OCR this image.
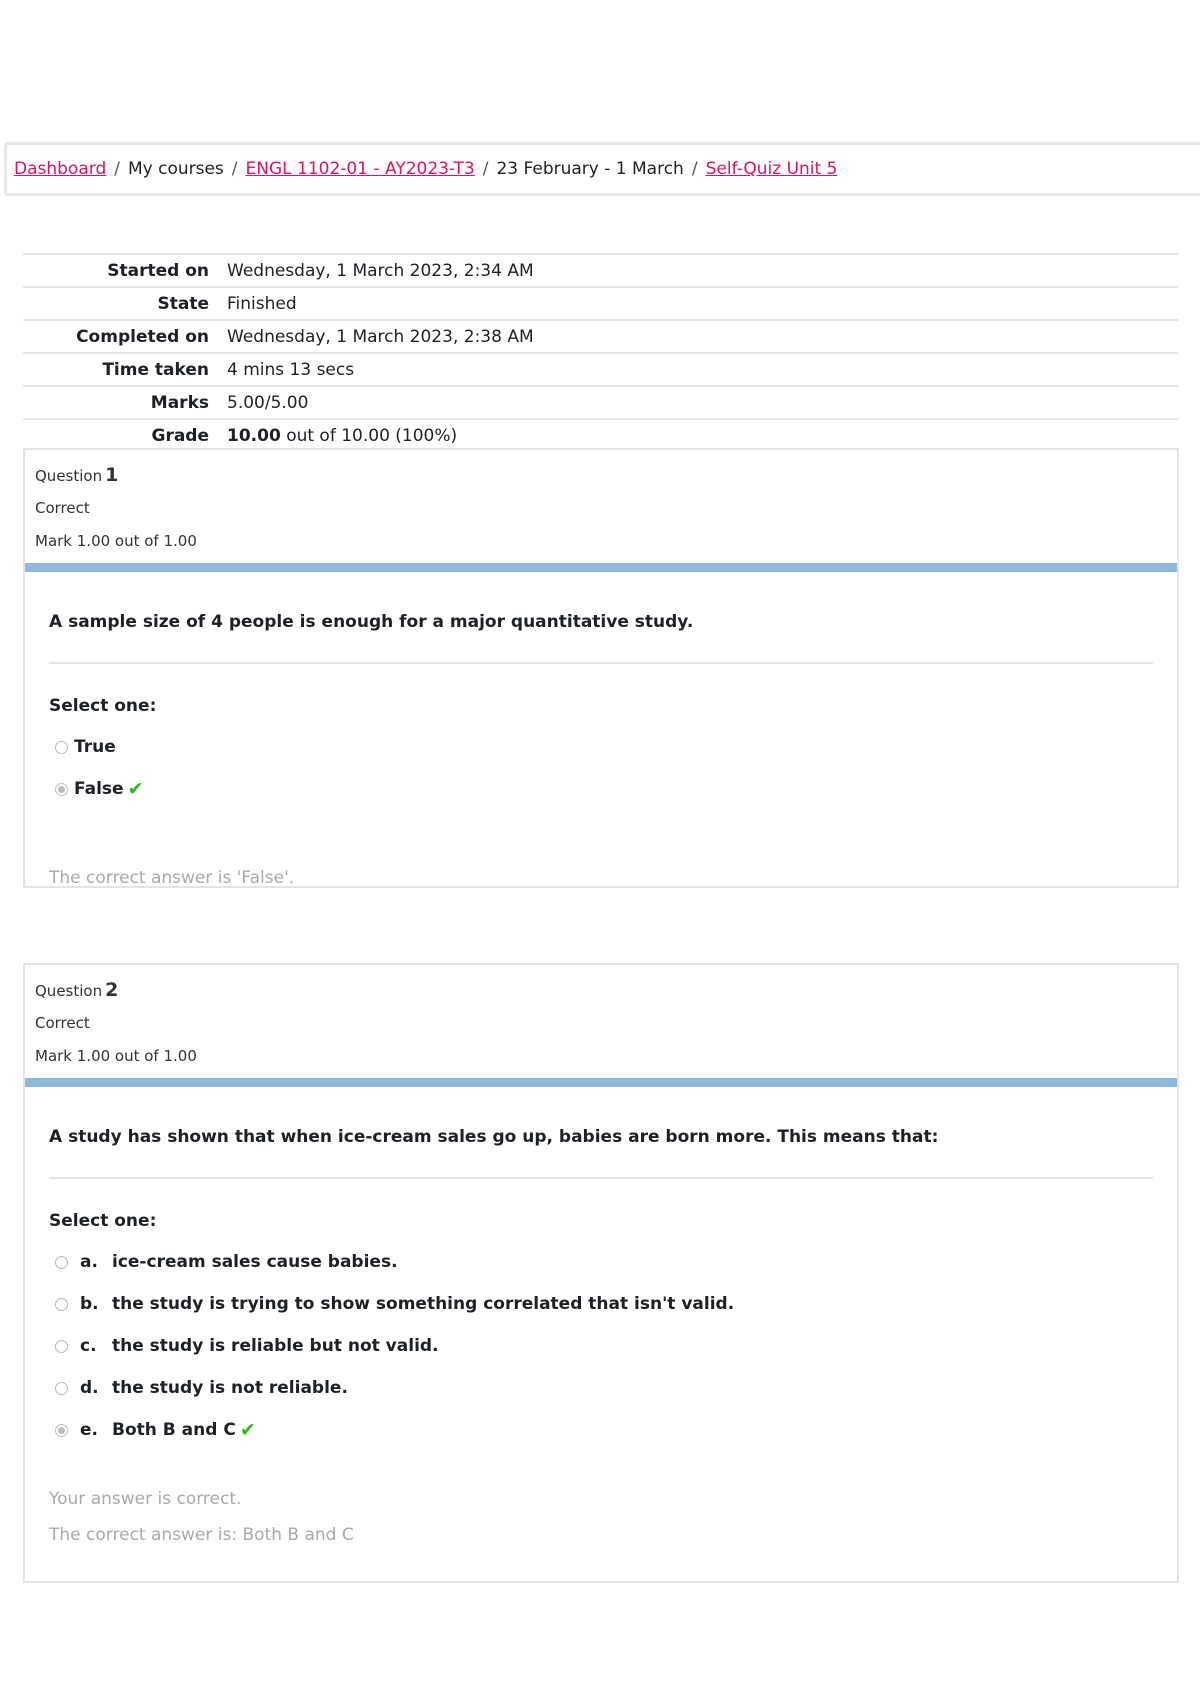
Dashboard / My courses / ENGL 1102-01 - AY2023-T3 / 23 February - 1 March / Self-Quiz Unit 5
Started on	Wednesday, 1 March 2023, 2:34 AM
State	Finished
Completed on	Wednesday, 1 March 2023, 2:38 AM
Time taken	4 mins 13 secs
Marks	5.00/5.00
Grade	10.00 out of 10.00 (100%)
Question 1
Correct
Mark 1.00 out of 1.00
A sample size of 4 people is enough for a major quantitative study.
Select one:
True
False ✔
The correct answer is 'False'.
Question 2
Correct
Mark 1.00 out of 1.00
A study has shown that when ice-cream sales go up, babies are born more. This means that:
Select one:
a. ice-cream sales cause babies.
b. the study is trying to show something correlated that isn't valid.
c. the study is reliable but not valid.
d. the study is not reliable.
e. Both B and C ✔
Your answer is correct.
The correct answer is: Both B and C
